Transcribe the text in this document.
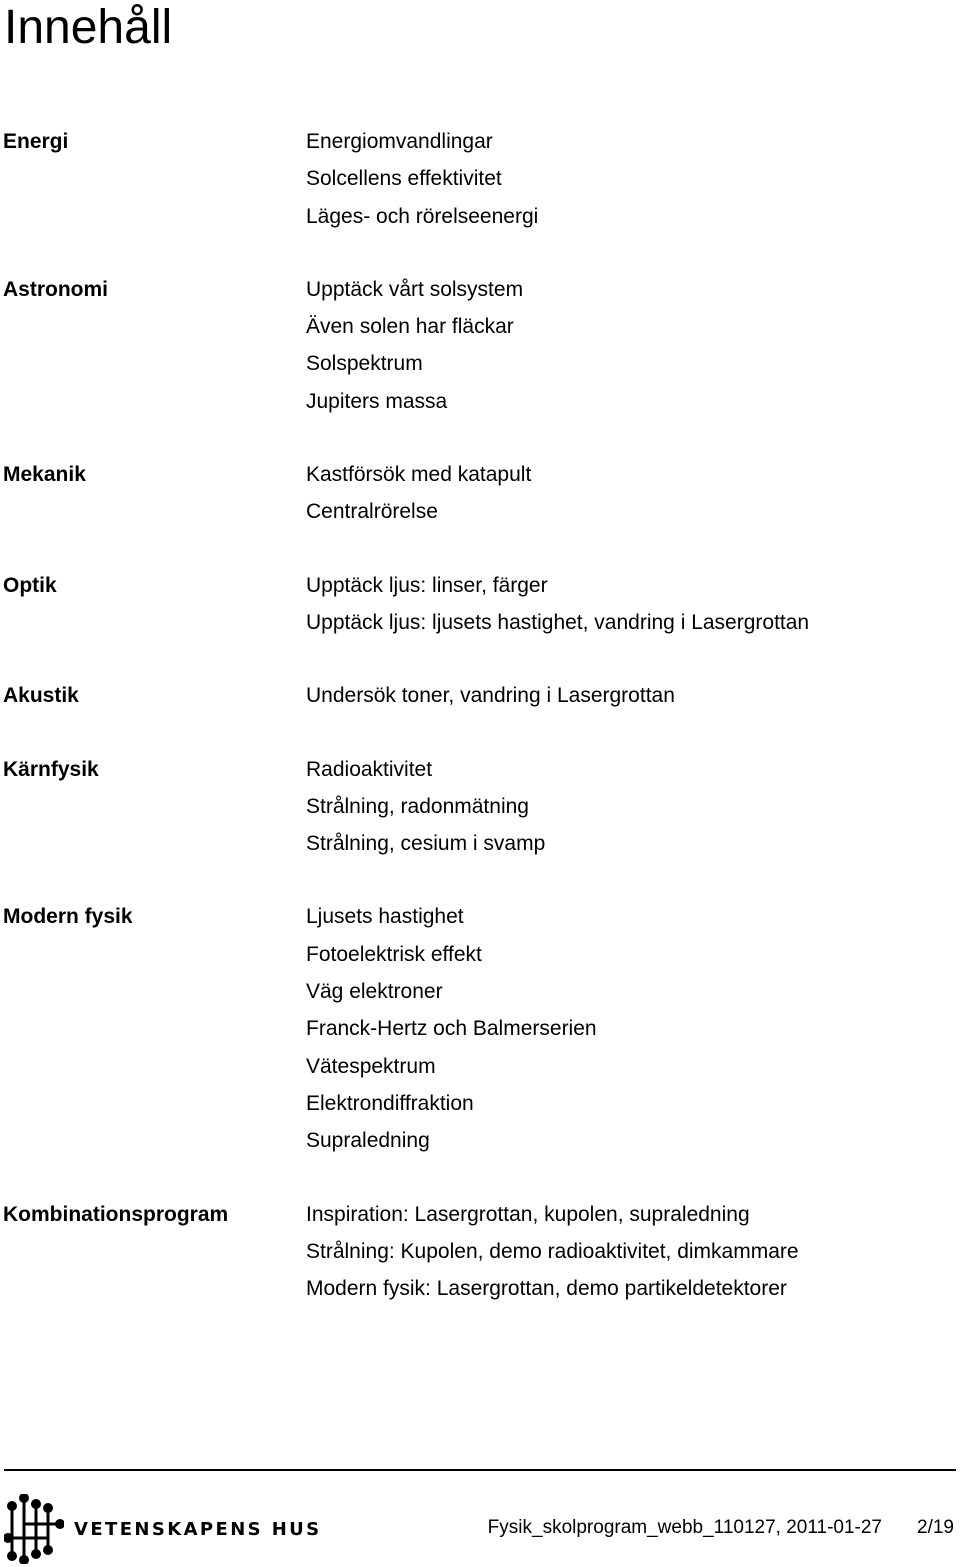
Innehåll
Energi	Energiomvandlingar
Solcellens effektivitet
Läges- och rörelseenergi
Astronomi	Upptäck vårt solsystem
Även solen har fläckar
Solspektrum
Jupiters massa
Mekanik	Kastförsök med katapult
Centralrörelse
Optik	Upptäck ljus: linser, färger
Upptäck ljus: ljusets hastighet, vandring i Lasergrottan
Akustik	Undersök toner, vandring i Lasergrottan
Kärnfysik	Radioaktivitet
Strålning, radonmätning
Strålning, cesium i svamp
Modern fysik	Ljusets hastighet
Fotoelektrisk effekt
Väg elektroner
Franck-Hertz och Balmerserien
Vätespektrum
Elektrondiffraktion
Supraledning
Kombinationsprogram	Inspiration: Lasergrottan, kupolen, supraledning
Strålning: Kupolen, demo radioaktivitet, dimkammare
Modern fysik: Lasergrottan, demo partikeldetektorer
VETENSKAPENS HUS	Fysik_skolprogram_webb_110127, 2011-01-27 2/19
